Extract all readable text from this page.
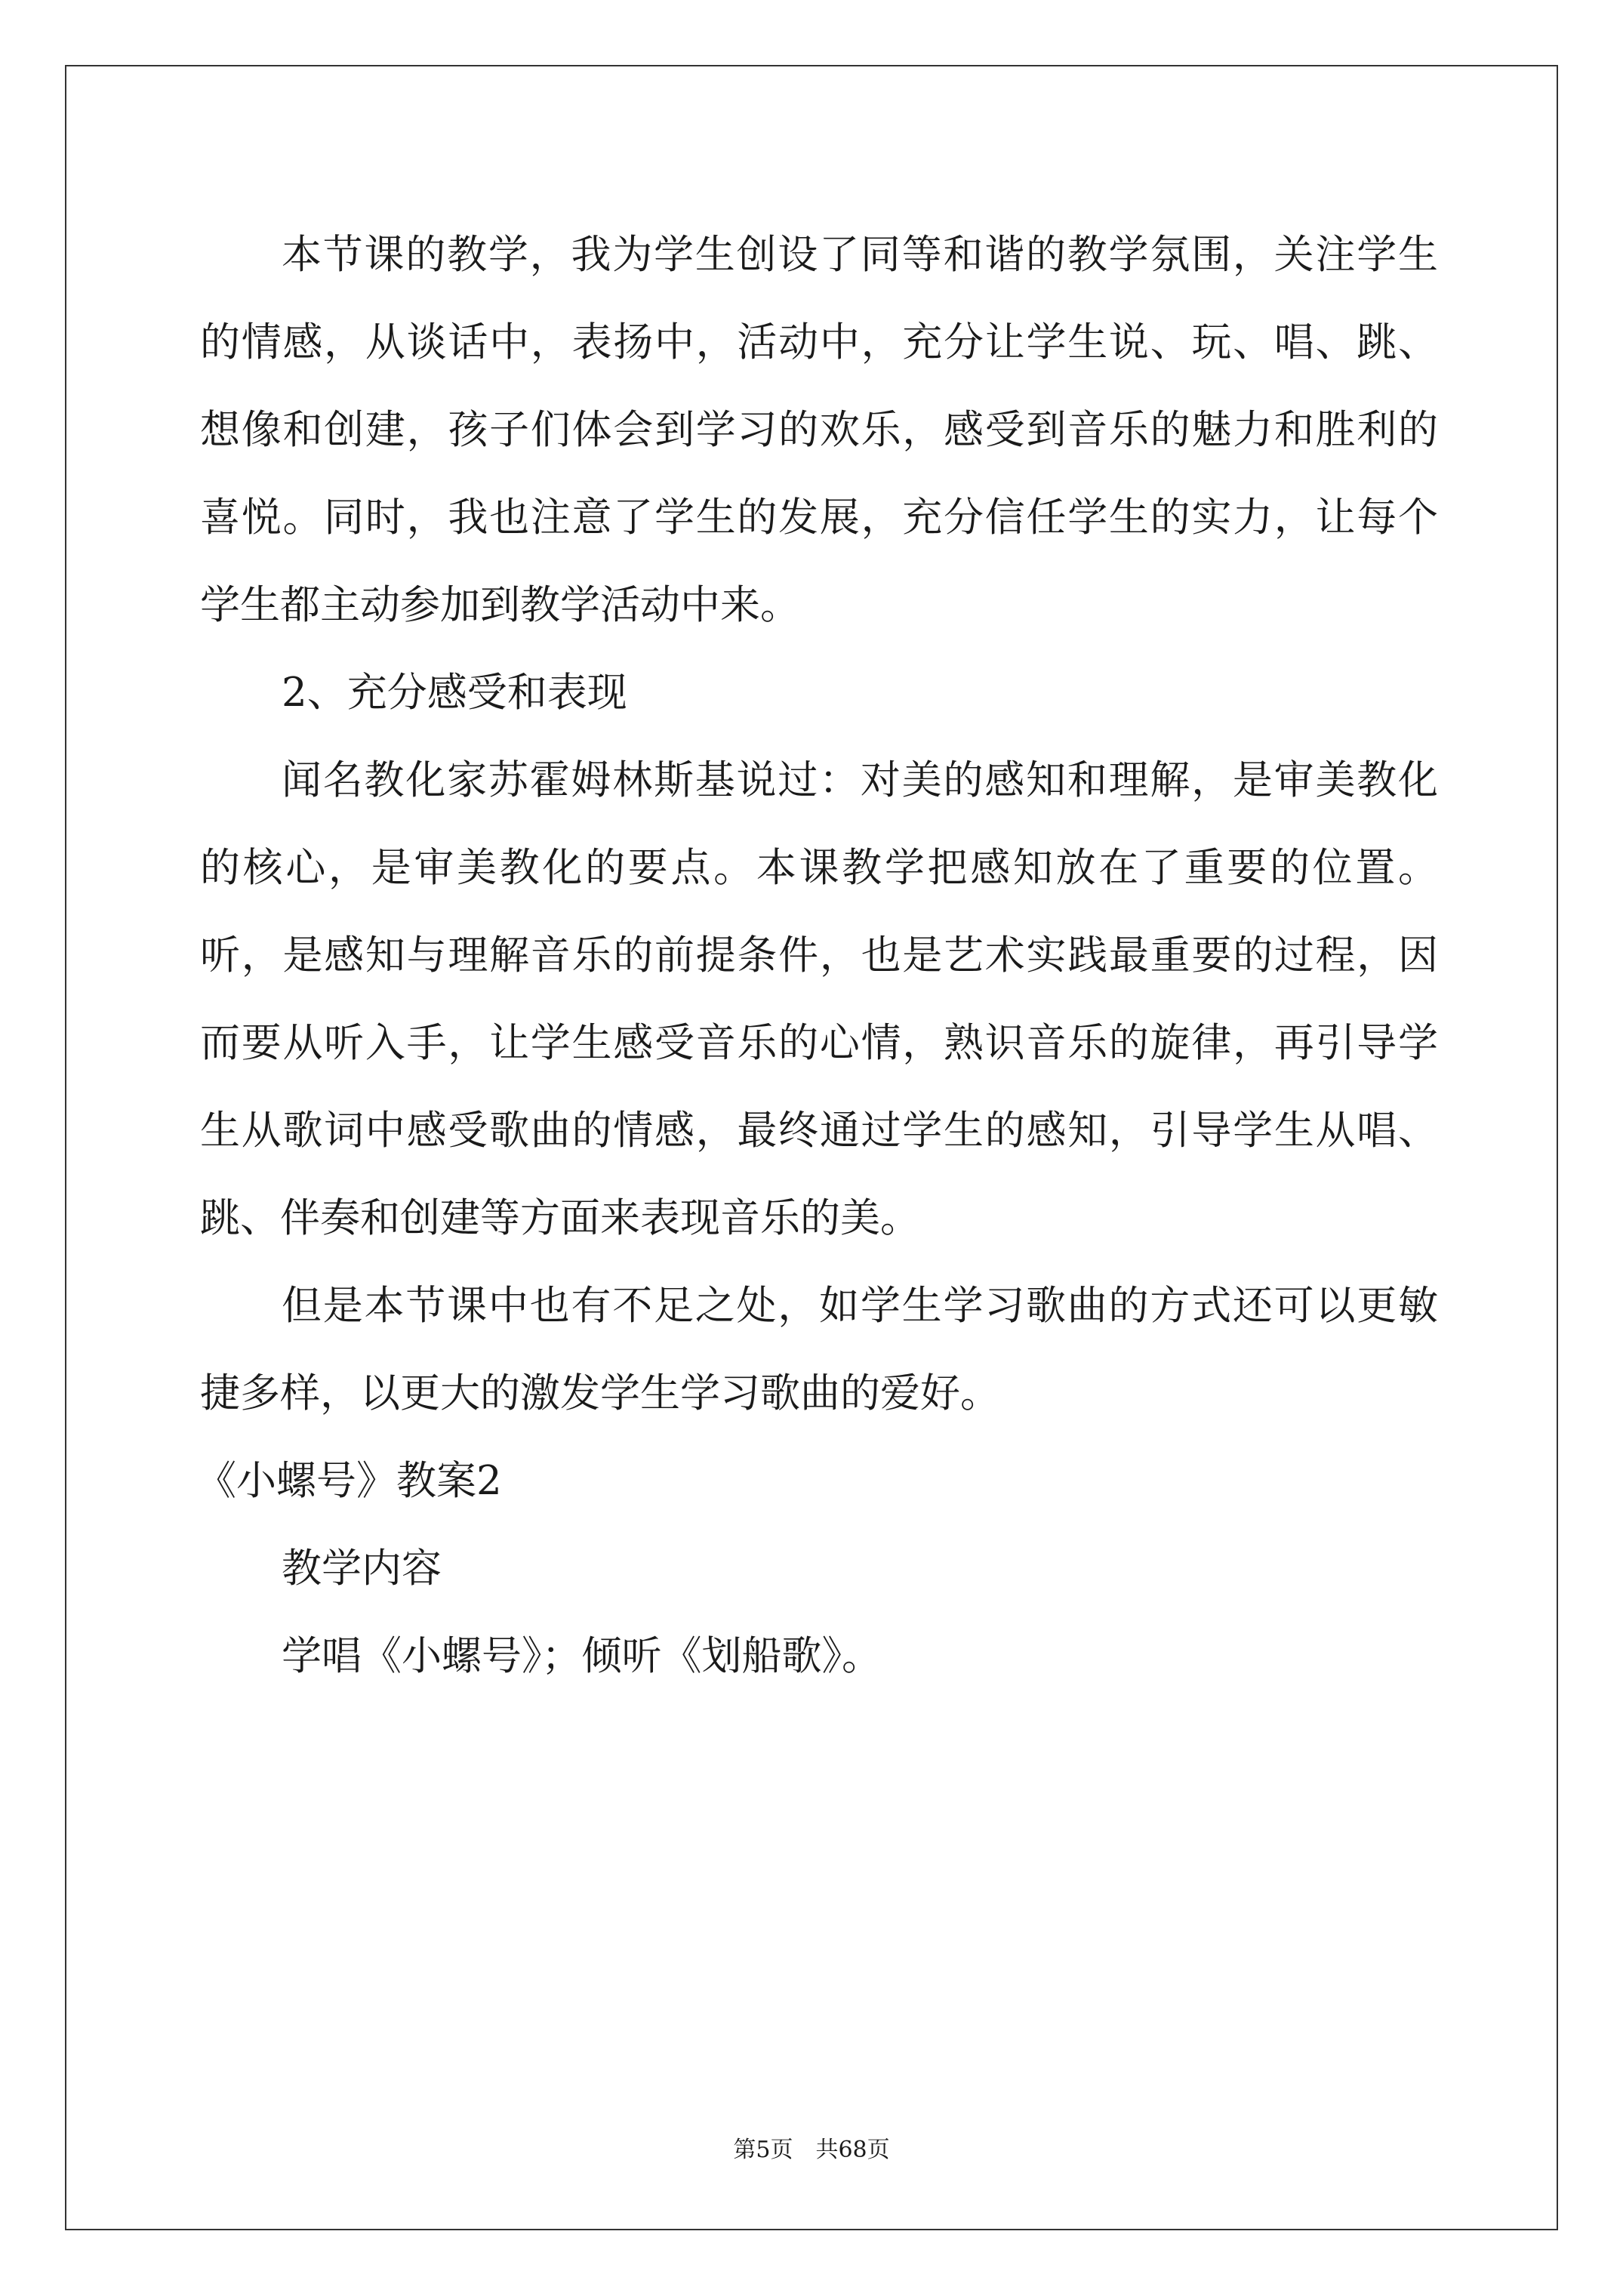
本节课的教学，我为学生创设了同等和谐的教学氛围，关注学生的情感，从谈话中，表扬中，活动中，充分让学生说、玩、唱、跳、想像和创建，孩子们体会到学习的欢乐，感受到音乐的魅力和胜利的喜悦。同时，我也注意了学生的发展，充分信任学生的实力，让每个学生都主动参加到教学活动中来。

2、充分感受和表现

闻名教化家苏霍姆林斯基说过：对美的感知和理解，是审美教化的核心，是审美教化的要点。本课教学把感知放在了重要的位置。听，是感知与理解音乐的前提条件，也是艺术实践最重要的过程，因而要从听入手，让学生感受音乐的心情，熟识音乐的旋律，再引导学生从歌词中感受歌曲的情感，最终通过学生的感知，引导学生从唱、跳、伴奏和创建等方面来表现音乐的美。

但是本节课中也有不足之处，如学生学习歌曲的方式还可以更敏捷多样，以更大的激发学生学习歌曲的爱好。

《小螺号》教案2

教学内容

学唱《小螺号》；倾听《划船歌》。

第5页　共68页
